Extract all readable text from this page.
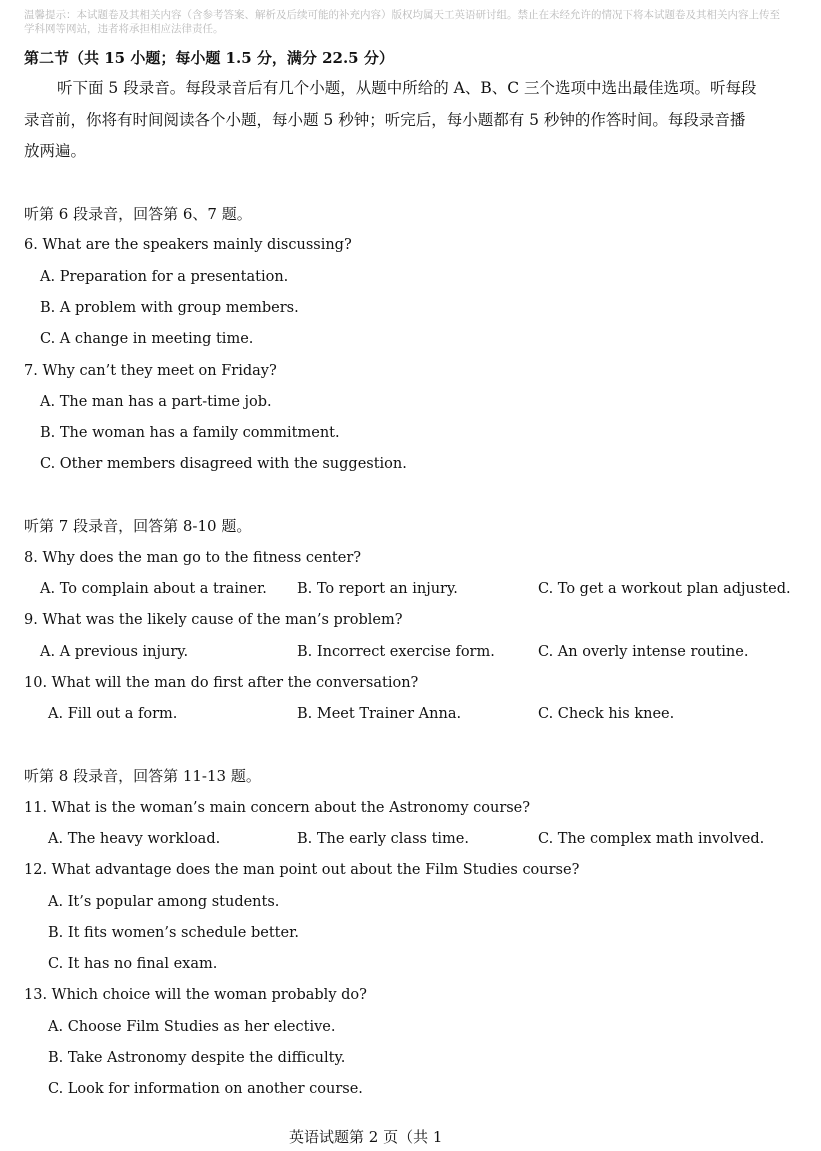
温馨提示：本试题卷及其相关内容（含参考答案、解析及后续可能的补充内容）版权均属天工英语研讨组。禁止在未经允许的情况下将本试题卷及其相关内容上传至学科网等网站，违者将承担相应法律责任。
第二节（共 15 小题；每小题 1.5 分，满分 22.5 分）
听下面 5 段录音。每段录音后有几个小题，从题中所给的 A、B、C 三个选项中选出最佳选项。听每段
录音前，你将有时间阅读各个小题，每小题 5 秒钟；听完后，每小题都有 5 秒钟的作答时间。每段录音播
放两遍。
听第 6 段录音，回答第 6、7 题。
6. What are the speakers mainly discussing?
A. Preparation for a presentation.
B. A problem with group members.
C. A change in meeting time.
7. Why can’t they meet on Friday?
A. The man has a part-time job.
B. The woman has a family commitment.
C. Other members disagreed with the suggestion.
听第 7 段录音，回答第 8-10 题。
8. Why does the man go to the fitness center?
A. To complain about a trainer. B. To report an injury.	C. To get a workout plan adjusted.
9. What was the likely cause of the man’s problem?
A. A previous injury.	B. Incorrect exercise form.	C. An overly intense routine.
10. What will the man do first after the conversation?
A. Fill out a form.	B. Meet Trainer Anna.	C. Check his knee.
听第 8 段录音，回答第 11-13 题。
11. What is the woman’s main concern about the Astronomy course?
A. The heavy workload.	B. The early class time.	C. The complex math involved.
12. What advantage does the man point out about the Film Studies course?
A. It’s popular among students.
B. It fits women’s schedule better.
C. It has no final exam.
13. Which choice will the woman probably do?
A. Choose Film Studies as her elective.
B. Take Astronomy despite the difficulty.
C. Look for information on another course.
英语试题第 2 页（共 1
